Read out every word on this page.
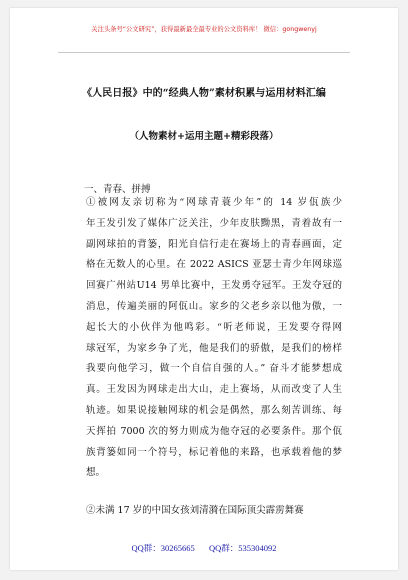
关注头条号“公文研究”，获得最新最全最专业的公文资料库！ 微信：gongwenyj
《人民日报》中的“经典人物”素材积累与运用材料汇编
（人物素材+运用主题+精彩段落）
一、青春、拼搏
①被网友亲切称为“网球青蓑少年”的 14 岁佤族少
年王发引发了媒体广泛关注，少年皮肤黝黑，青着故有一
副网球拍的背篓，阳光自信行走在赛场上的青春画面，定
格在无数人的心里。在 2022 ASICS 亚瑟士青少年网球巡
回赛广州站U14 男单比赛中，王发勇夺冠军。王发夺冠的
消息，传遍美丽的阿佤山。家乡的父老乡亲以他为傲，一
起长大的小伙伴为他鸣彩。“听老师说，王发要夺得网
球冠军，为家乡争了光，他是我们的骄傲，是我们的榜样
我要向他学习，做一个自信自强的人。” 奋斗才能梦想成
真。王发因为网球走出大山，走上赛场，从而改变了人生
轨迹。如果说接触网球的机会是偶然，那么刻苦训练、每
天挥拍 7000 次的努力则成为他夺冠的必要条件。那个佤
族背篓如同一个符号，标记着他的来路，也承载着他的梦
想。
②未满 17 岁的中国女孩刘清漪在国际顶尖霹雳舞赛
QQ群：30265665 QQ群：535304092
